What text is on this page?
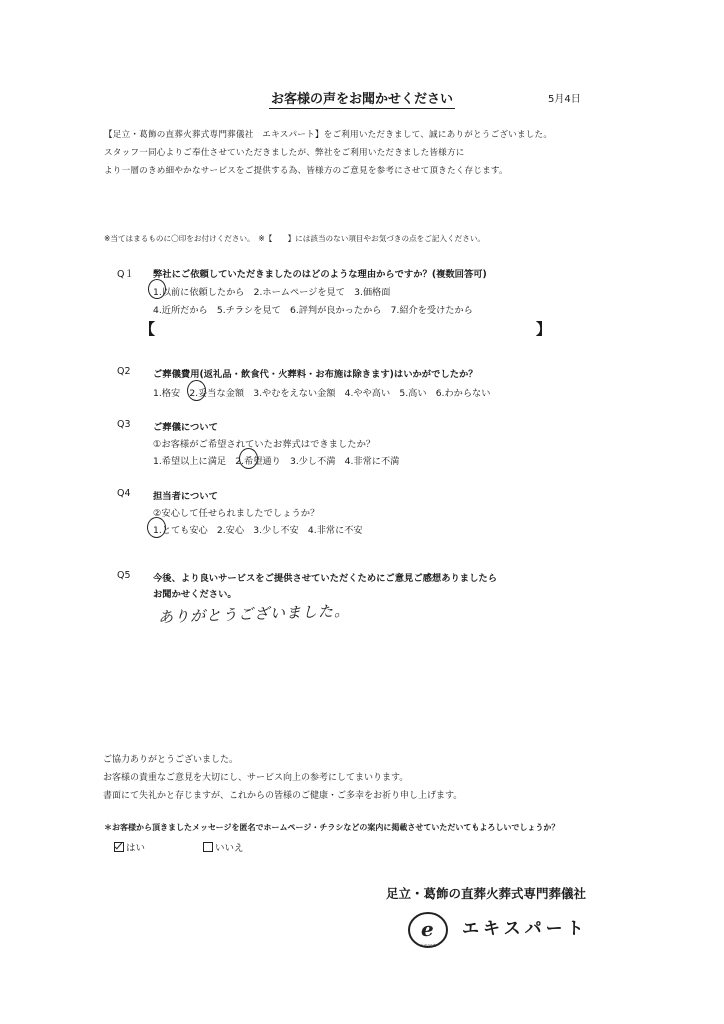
お客様の声をお聞かせください	5月4日
【足立・葛飾の直葬火葬式専門葬儀社　エキスパート】をご利用いただきまして、誠にありがとうございました。
スタッフ一同心よりご奉仕させていただきましたが、弊社をご利用いただきました皆様方に
より一層のきめ細やかなサービスをご提供する為、皆様方のご意見を参考にさせて頂きたく存じます。
※当てはまるものに〇印をお付けください。　※【　　】には該当のない項目やお気づきの点をご記入ください。
Q１ 弊社にご依頼していただきましたのはどのような理由からですか？(複数回答可)
1.以前に依頼したから　2.ホームページを見て　3.価格面
4.近所だから　5.チラシを見て　6.評判が良かったから　7.紹介を受けたから
【	】
Q2 ご葬儀費用(返礼品・飲食代・火葬料・お布施は除きます)はいかがでしたか？
1.格安　2.妥当な金額　3.やむをえない金額　4.やや高い　5.高い　6.わからない
Q3 ご葬儀について
①お客様がご希望されていたお葬式はできましたか？
1.希望以上に満足　2.希望通り　3.少し不満　4.非常に不満
Q4 担当者について
②安心して任せられましたでしょうか？
1.とても安心　2.安心　3.少し不安　4.非常に不安
Q5 今後、より良いサービスをご提供させていただくためにご意見ご感想ありましたら
お聞かせください。
ありがとうございました。
ご協力ありがとうございました。
お客様の貴重なご意見を大切にし、サービス向上の参考にしてまいります。
書面にて失礼かと存じますが、これからの皆様のご健康・ご多幸をお祈り申し上げます。
＊お客様から頂きましたメッセージを匿名でホームページ・チラシなどの案内に掲載させていただいてもよろしいでしょうか？
はい	いいえ
足立・葛飾の直葬火葬式専門葬儀社
e
support
エキスパート
